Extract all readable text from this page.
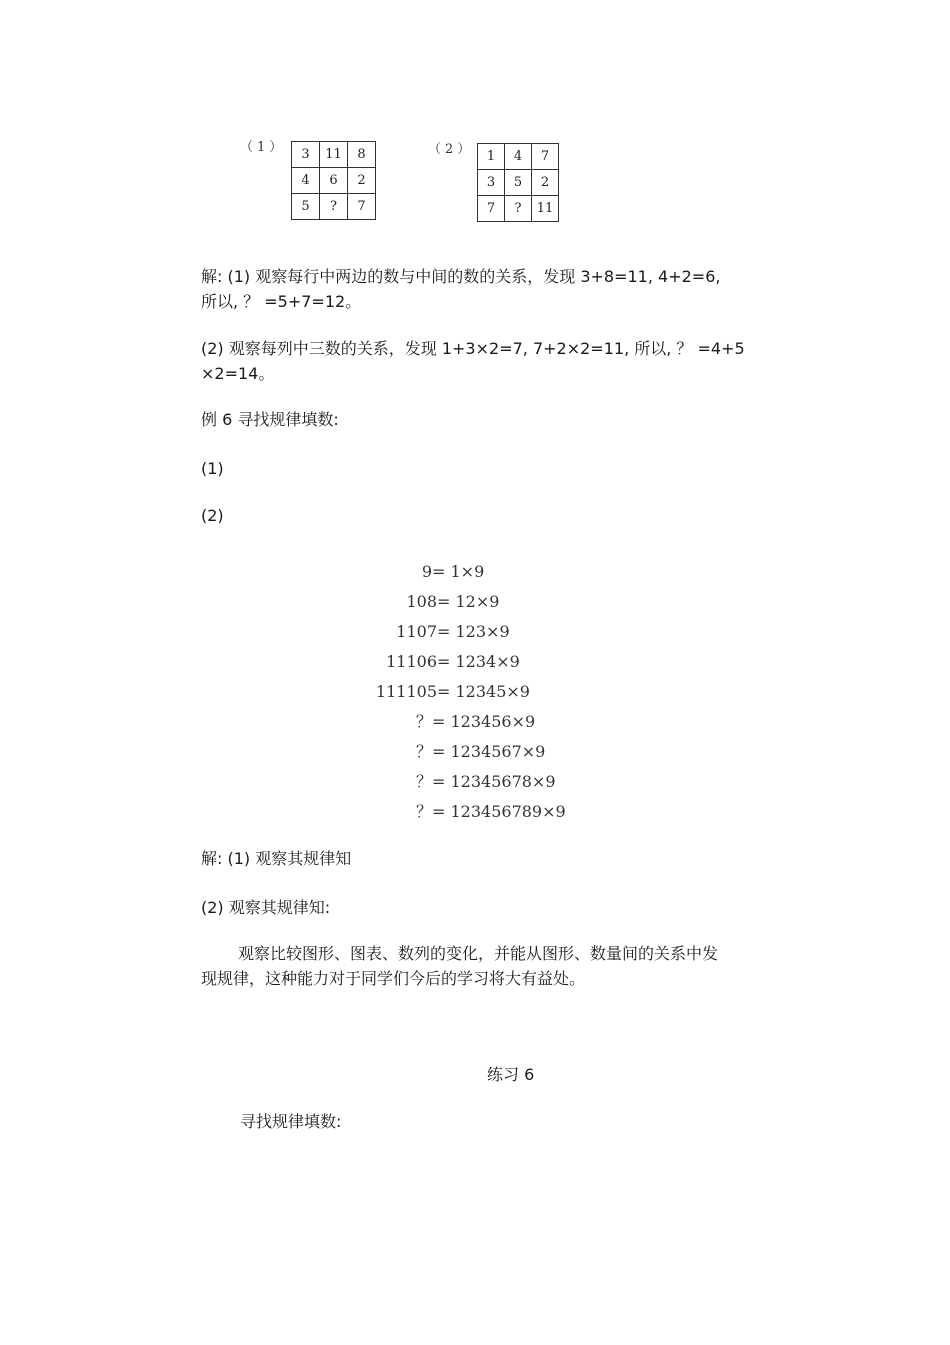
（1） 3	11	8
4	6	2
5	?	7
（2） 1	4	7
3	5	2
7	?	11
解: (1) 观察每行中两边的数与中间的数的关系，发现 3+8=11, 4+2=6,
所以, ？ =5+7=12。
(2) 观察每列中三数的关系，发现 1+3×2=7, 7+2×2=11, 所以, ？ =4+5
×2=14。
例 6 寻找规律填数:
(1)
(2)
9= 1×9
108= 12×9
1107= 123×9
11106= 1234×9
111105= 12345×9
？= 123456×9
？= 1234567×9
？= 12345678×9
？= 123456789×9
解: (1) 观察其规律知
(2) 观察其规律知:
观察比较图形、图表、数列的变化，并能从图形、数量间的关系中发
现规律，这种能力对于同学们今后的学习将大有益处。
练习 6
寻找规律填数:
